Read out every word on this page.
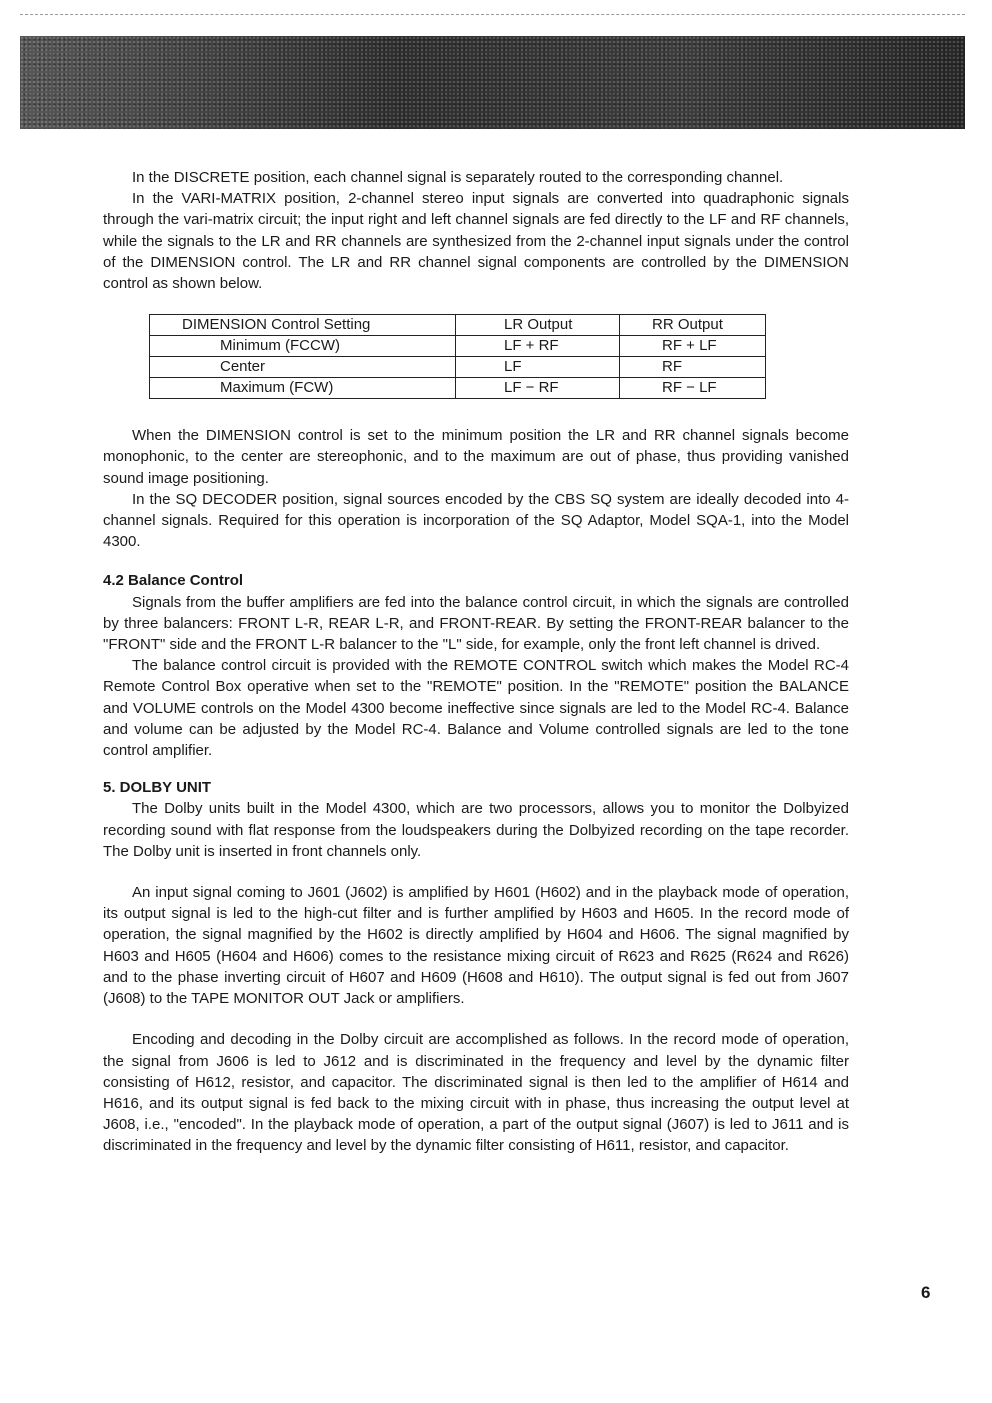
In the DISCRETE position, each channel signal is separately routed to the corresponding channel.

In the VARI-MATRIX position, 2-channel stereo input signals are converted into quadraphonic signals through the vari-matrix circuit; the input right and left channel signals are fed directly to the LF and RF channels, while the signals to the LR and RR channels are synthesized from the 2-channel input signals under the control of the DIMENSION control. The LR and RR channel signal components are controlled by the DIMENSION control as shown below.

DIMENSION Control Setting	LR Output	RR Output
Minimum (FCCW)	LF + RF	RF + LF
Center	LF	RF
Maximum (FCW)	LF − RF	RF − LF

When the DIMENSION control is set to the minimum position the LR and RR channel signals become monophonic, to the center are stereophonic, and to the maximum are out of phase, thus providing vanished sound image positioning.

In the SQ DECODER position, signal sources encoded by the CBS SQ system are ideally decoded into 4-channel signals. Required for this operation is incorporation of the SQ Adaptor, Model SQA-1, into the Model 4300.

4.2 Balance Control

Signals from the buffer amplifiers are fed into the balance control circuit, in which the signals are controlled by three balancers: FRONT L-R, REAR L-R, and FRONT-REAR. By setting the FRONT-REAR balancer to the "FRONT" side and the FRONT L-R balancer to the "L" side, for example, only the front left channel is drived.

The balance control circuit is provided with the REMOTE CONTROL switch which makes the Model RC-4 Remote Control Box operative when set to the "REMOTE" position. In the "REMOTE" position the BALANCE and VOLUME controls on the Model 4300 become ineffective since signals are led to the Model RC-4. Balance and volume can be adjusted by the Model RC-4. Balance and Volume controlled signals are led to the tone control amplifier.

5. DOLBY UNIT

The Dolby units built in the Model 4300, which are two processors, allows you to monitor the Dolbyized recording sound with flat response from the loudspeakers during the Dolbyized recording on the tape recorder. The Dolby unit is inserted in front channels only.

An input signal coming to J601 (J602) is amplified by H601 (H602) and in the playback mode of operation, its output signal is led to the high-cut filter and is further amplified by H603 and H605. In the record mode of operation, the signal magnified by the H602 is directly amplified by H604 and H606. The signal magnified by H603 and H605 (H604 and H606) comes to the resistance mixing circuit of R623 and R625 (R624 and R626) and to the phase inverting circuit of H607 and H609 (H608 and H610). The output signal is fed out from J607 (J608) to the TAPE MONITOR OUT Jack or amplifiers.

Encoding and decoding in the Dolby circuit are accomplished as follows. In the record mode of operation, the signal from J606 is led to J612 and is discriminated in the frequency and level by the dynamic filter consisting of H612, resistor, and capacitor. The discriminated signal is then led to the amplifier of H614 and H616, and its output signal is fed back to the mixing circuit with in phase, thus increasing the output level at J608, i.e., "encoded". In the playback mode of operation, a part of the output signal (J607) is led to J611 and is discriminated in the frequency and level by the dynamic filter consisting of H611, resistor, and capacitor.

6
